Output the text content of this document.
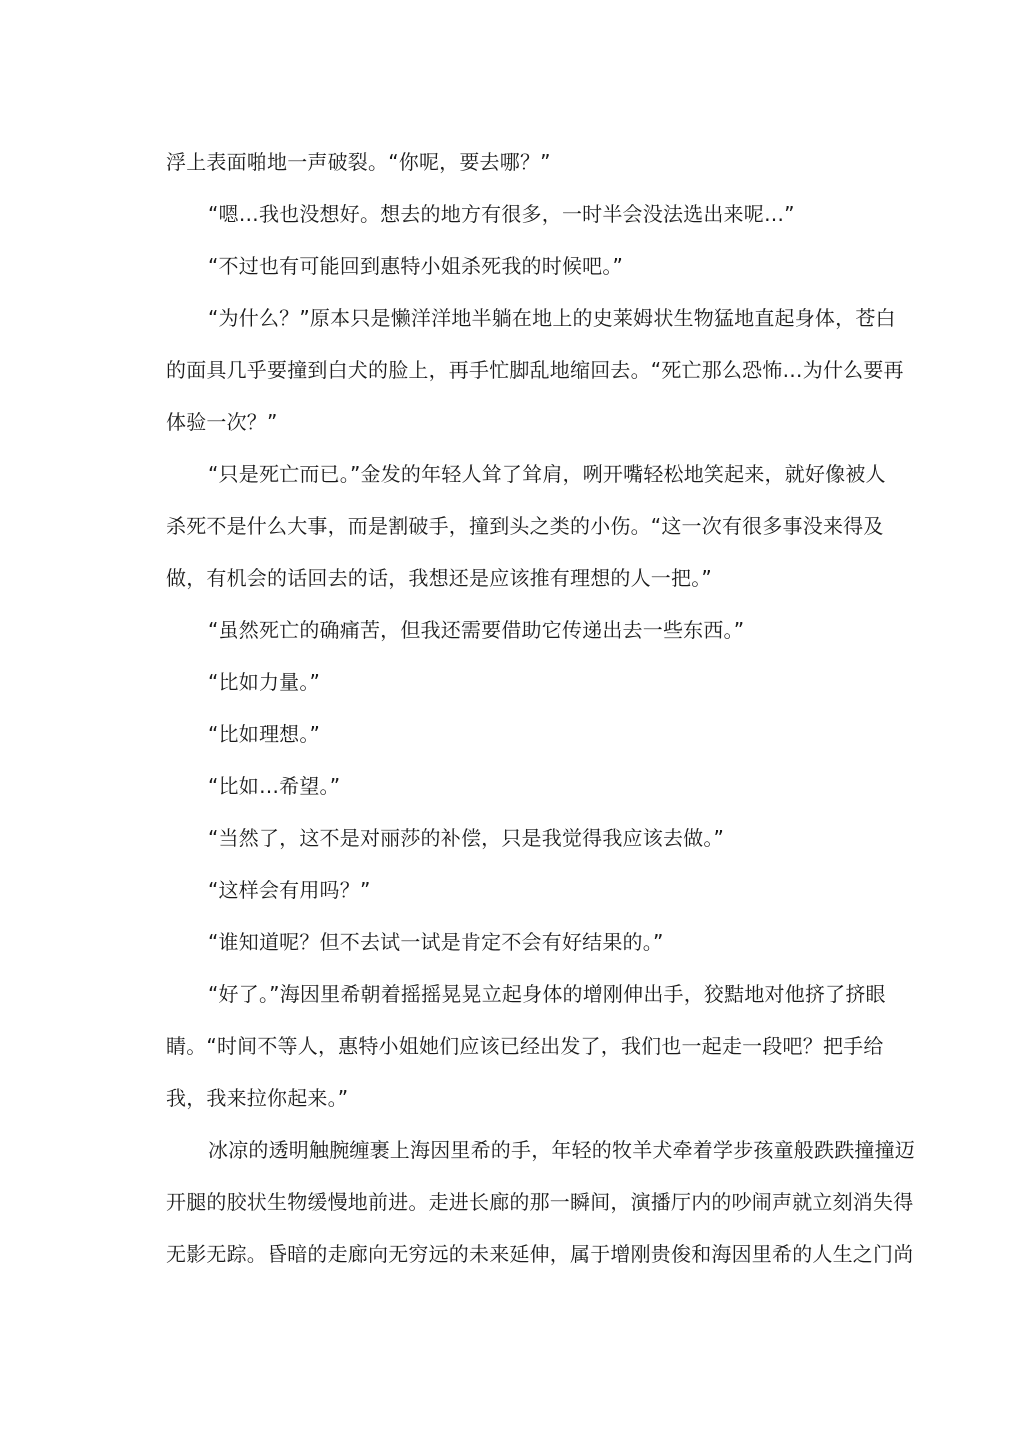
浮上表面啪地一声破裂。“你呢，要去哪？”
“嗯…我也没想好。想去的地方有很多，一时半会没法选出来呢…”
“不过也有可能回到惠特小姐杀死我的时候吧。”
“为什么？”原本只是懒洋洋地半躺在地上的史莱姆状生物猛地直起身体，苍白
的面具几乎要撞到白犬的脸上，再手忙脚乱地缩回去。“死亡那么恐怖…为什么要再
体验一次？”
“只是死亡而已。”金发的年轻人耸了耸肩，咧开嘴轻松地笑起来，就好像被人
杀死不是什么大事，而是割破手，撞到头之类的小伤。“这一次有很多事没来得及
做，有机会的话回去的话，我想还是应该推有理想的人一把。”
“虽然死亡的确痛苦，但我还需要借助它传递出去一些东西。”
“比如力量。”
“比如理想。”
“比如…希望。”
“当然了，这不是对丽莎的补偿，只是我觉得我应该去做。”
“这样会有用吗？”
“谁知道呢？但不去试一试是肯定不会有好结果的。”
“好了。”海因里希朝着摇摇晃晃立起身体的增刚伸出手，狡黠地对他挤了挤眼
睛。“时间不等人，惠特小姐她们应该已经出发了，我们也一起走一段吧？把手给
我，我来拉你起来。”
冰凉的透明触腕缠裹上海因里希的手，年轻的牧羊犬牵着学步孩童般跌跌撞撞迈
开腿的胶状生物缓慢地前进。走进长廊的那一瞬间，演播厅内的吵闹声就立刻消失得
无影无踪。昏暗的走廊向无穷远的未来延伸，属于增刚贵俊和海因里希的人生之门尚
